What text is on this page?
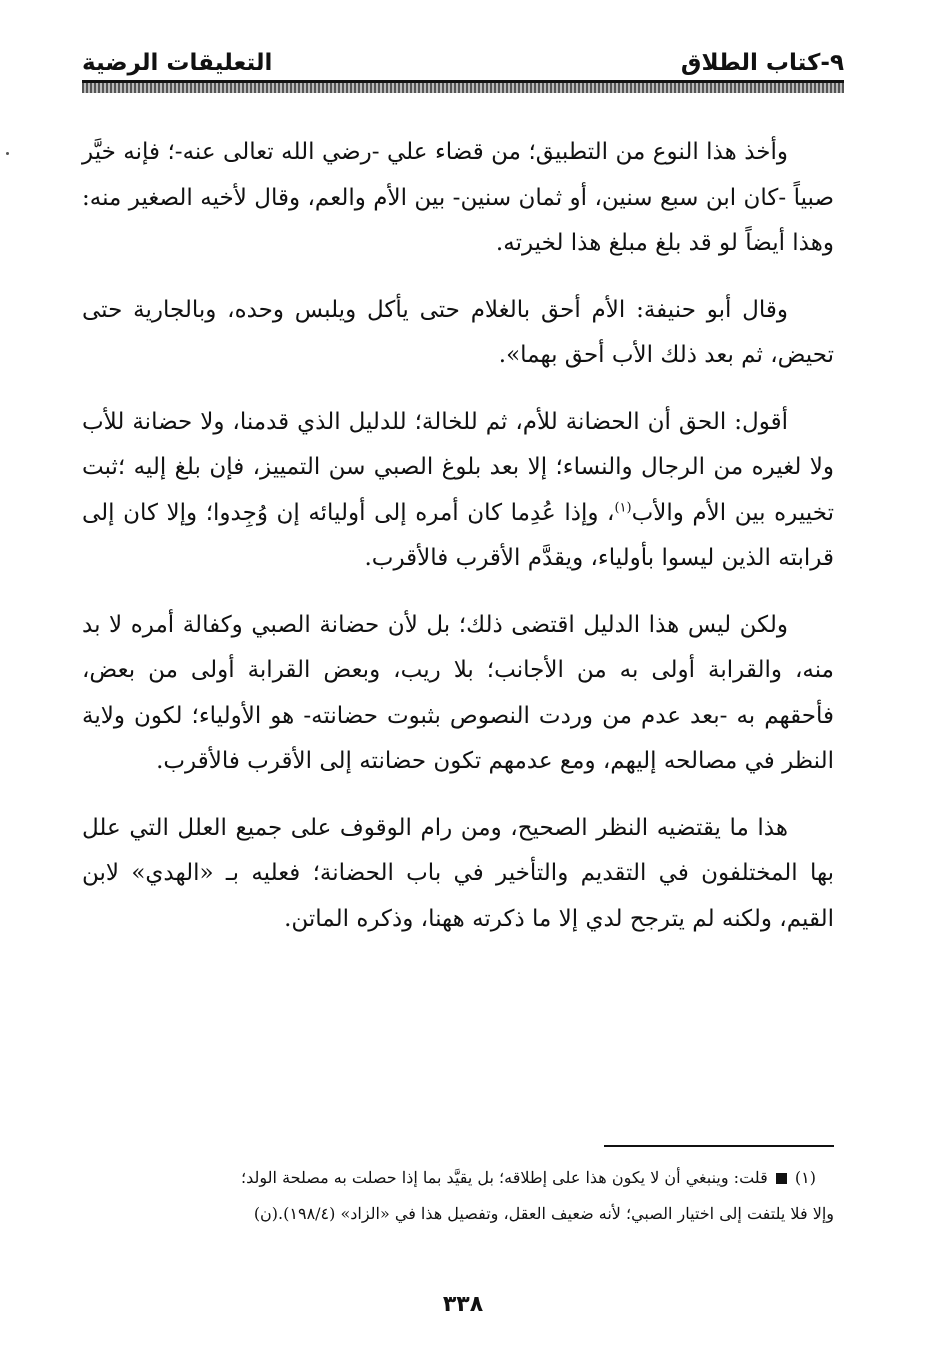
٩-كتاب الطلاق
التعليقات الرضية

وأخذ هذا النوع من التطبيق؛ من قضاء علي -رضي الله تعالى عنه-؛ فإنه خيَّر صبياً -كان ابن سبع سنين، أو ثمان سنين- بين الأم والعم، وقال لأخيه الصغير منه: وهذا أيضاً لو قد بلغ مبلغ هذا لخيرته.

وقال أبو حنيفة: الأم أحق بالغلام حتى يأكل ويلبس وحده، وبالجارية حتى تحيض، ثم بعد ذلك الأب أحق بهما».

أقول: الحق أن الحضانة للأم، ثم للخالة؛ للدليل الذي قدمنا، ولا حضانة للأب ولا لغيره من الرجال والنساء؛ إلا بعد بلوغ الصبي سن التمييز، فإن بلغ إليه ؛ثبت تخييره بين الأم والأب$^{(١)}$، وإذا عُدِما كان أمره إلى أوليائه إن وُجِدوا؛ وإلا كان إلى قرابته الذين ليسوا بأولياء، ويقدَّم الأقرب فالأقرب.

ولكن ليس هذا الدليل اقتضى ذلك؛ بل لأن حضانة الصبي وكفالة أمره لا بد منه، والقرابة أولى به من الأجانب؛ بلا ريب، وبعض القرابة أولى من بعض، فأحقهم به -بعد عدم من وردت النصوص بثبوت حضانته- هو الأولياء؛ لكون ولاية النظر في مصالحه إليهم، ومع عدمهم تكون حضانته إلى الأقرب فالأقرب.

هذا ما يقتضيه النظر الصحيح، ومن رام الوقوف على جميع العلل التي علل بها المختلفون في التقديم والتأخير في باب الحضانة؛ فعليه بـ «الهدي» لابن القيم، ولكنه لم يترجح لدي إلا ما ذكرته ههنا، وذكره الماتن.

(١)  قلت: وينبغي أن لا يكون هذا على إطلاقه؛ بل يقيَّد بما إذا حصلت به مصلحة الولد؛

وإلا فلا يلتفت إلى اختيار الصبي؛ لأنه ضعيف العقل، وتفصيل هذا في «الزاد» (١٩٨/٤).(ن)

٣٣٨
